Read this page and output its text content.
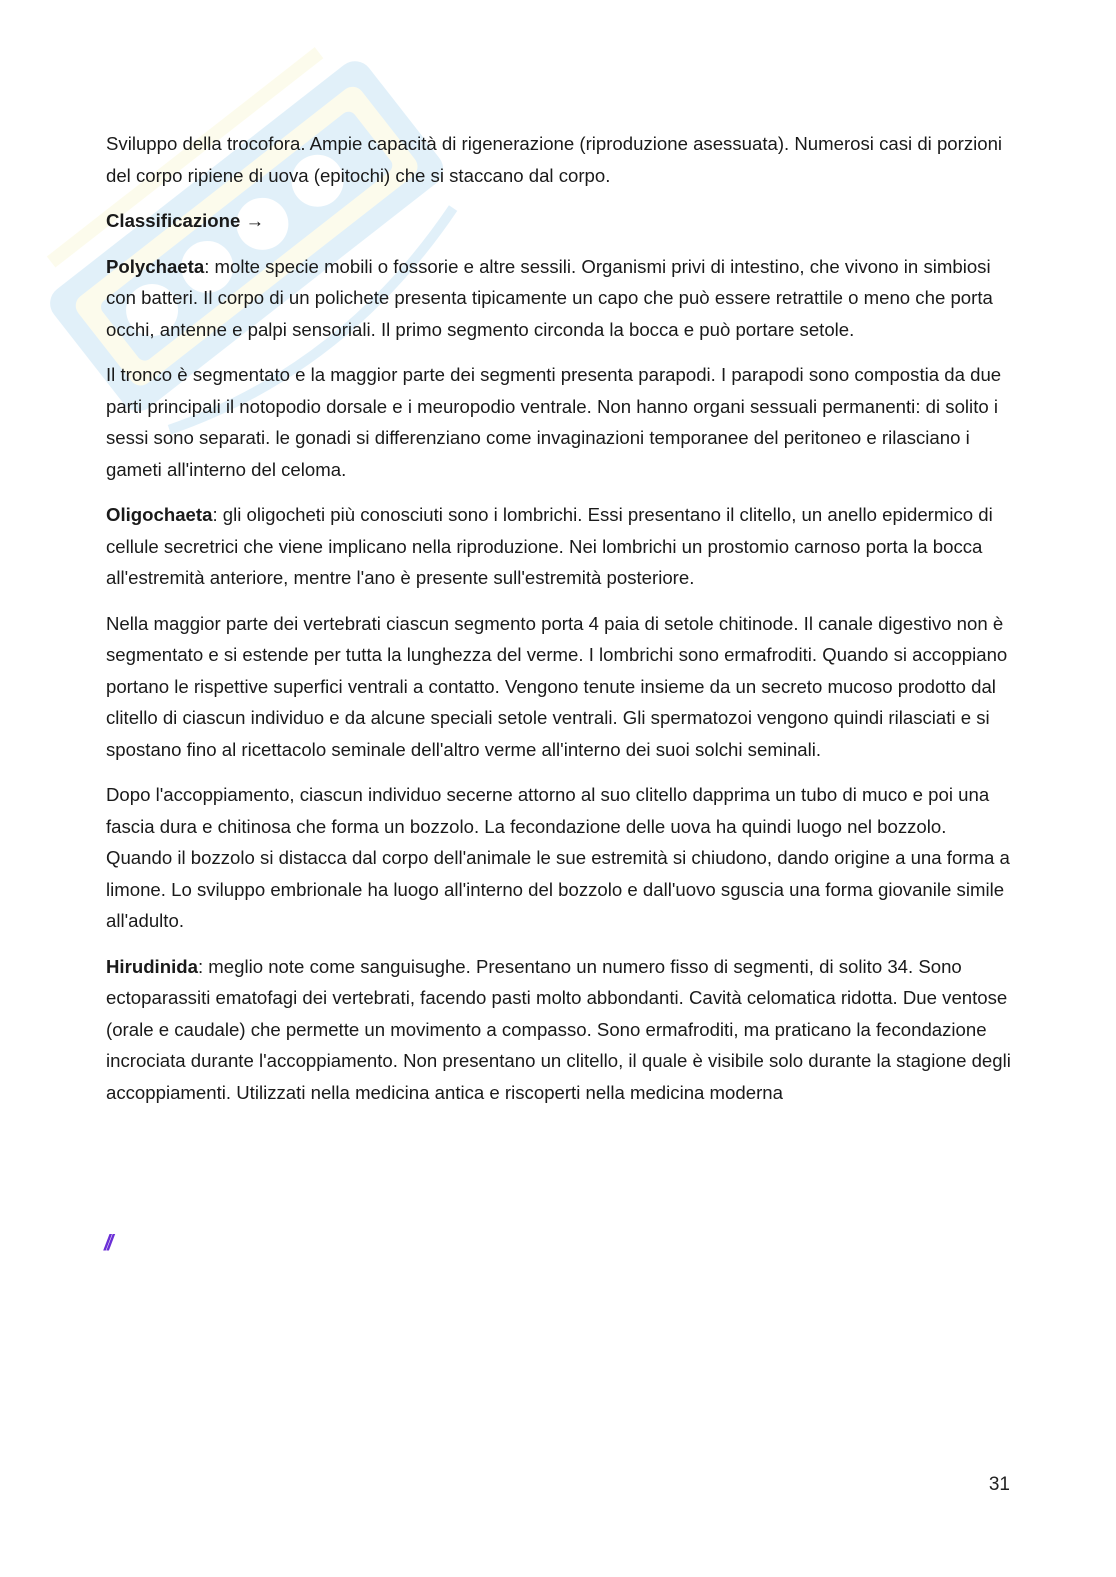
Sviluppo della trocofora. Ampie capacità di rigenerazione (riproduzione asessuata). Numerosi casi di porzioni del corpo ripiene di uova (epitochi) che si staccano dal corpo.

Classificazione →

Polychaeta: molte specie mobili o fossorie e altre sessili. Organismi privi di intestino, che vivono in simbiosi con batteri. Il corpo di un polichete presenta tipicamente un capo che può essere retrattile o meno che porta occhi, antenne e palpi sensoriali. Il primo segmento circonda la bocca e può portare setole.

Il tronco è segmentato e la maggior parte dei segmenti presenta parapodi. I parapodi sono compostia da due parti principali il notopodio dorsale e i meuropodio ventrale. Non hanno organi sessuali permanenti: di solito i sessi sono separati. le gonadi si differenziano come invaginazioni temporanee del peritoneo e rilasciano i gameti all'interno del celoma.

Oligochaeta: gli oligocheti più conosciuti sono i lombrichi. Essi presentano il clitello, un anello epidermico di cellule secretrici che viene implicano nella riproduzione. Nei lombrichi un prostomio carnoso porta la bocca all'estremità anteriore, mentre l'ano è presente sull'estremità posteriore.

Nella maggior parte dei vertebrati ciascun segmento porta 4 paia di setole chitinode. Il canale digestivo non è segmentato e si estende per tutta la lunghezza del verme. I lombrichi sono ermafroditi. Quando si accoppiano portano le rispettive superfici ventrali a contatto. Vengono tenute insieme da un secreto mucoso prodotto dal clitello di ciascun individuo e da alcune speciali setole ventrali. Gli spermatozoi vengono quindi rilasciati e si spostano fino al ricettacolo seminale dell'altro verme all'interno dei suoi solchi seminali.

Dopo l'accoppiamento, ciascun individuo secerne attorno al suo clitello dapprima un tubo di muco e poi una fascia dura e chitinosa che forma un bozzolo. La fecondazione delle uova ha quindi luogo nel bozzolo. Quando il bozzolo si distacca dal corpo dell'animale le sue estremità si chiudono, dando origine a una forma a limone. Lo sviluppo embrionale ha luogo all'interno del bozzolo e dall'uovo sguscia una forma giovanile simile all'adulto.

Hirudinida: meglio note come sanguisughe. Presentano un numero fisso di segmenti, di solito 34. Sono ectoparassiti ematofagi dei vertebrati, facendo pasti molto abbondanti. Cavità celomatica ridotta. Due ventose (orale e caudale) che permette un movimento a compasso. Sono ermafroditi, ma praticano la fecondazione incrociata durante l'accoppiamento. Non presentano un clitello, il quale è visibile solo durante la stagione degli accoppiamenti. Utilizzati nella medicina antica e riscoperti nella medicina moderna

//
31
